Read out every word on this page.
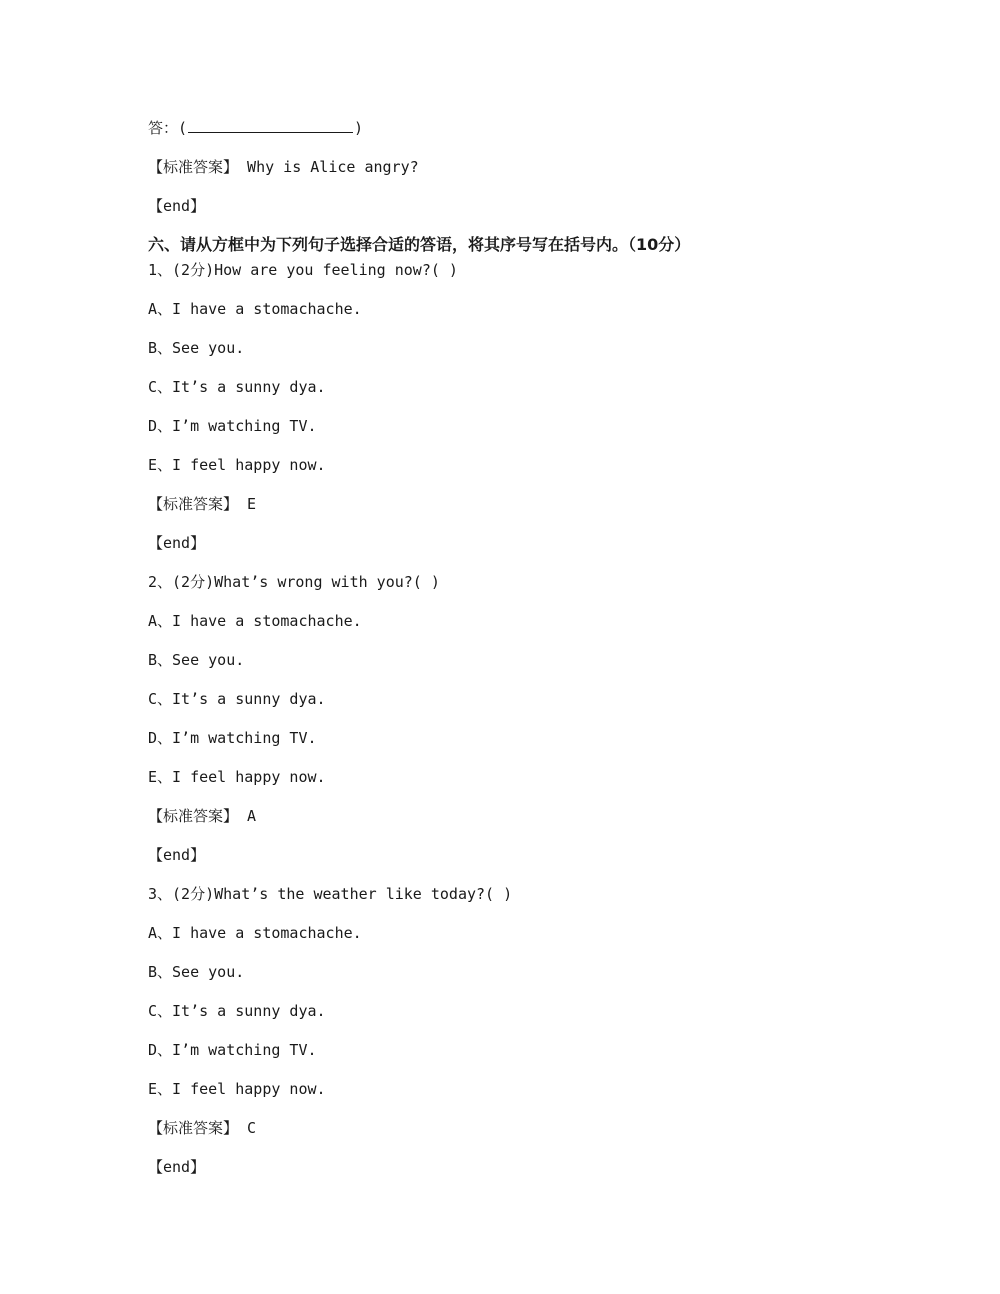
答：(	)
【标准答案】 Why is Alice angry?
【end】
六、请从方框中为下列句子选择合适的答语，将其序号写在括号内。（10分）
1、(2分)How are you feeling now?( )
A、I have a stomachache.
B、See you.
C、It’s a sunny dya.
D、I’m watching TV.
E、I feel happy now.
【标准答案】 E
【end】
2、(2分)What’s wrong with you?( )
A、I have a stomachache.
B、See you.
C、It’s a sunny dya.
D、I’m watching TV.
E、I feel happy now.
【标准答案】 A
【end】
3、(2分)What’s the weather like today?( )
A、I have a stomachache.
B、See you.
C、It’s a sunny dya.
D、I’m watching TV.
E、I feel happy now.
【标准答案】 C
【end】
